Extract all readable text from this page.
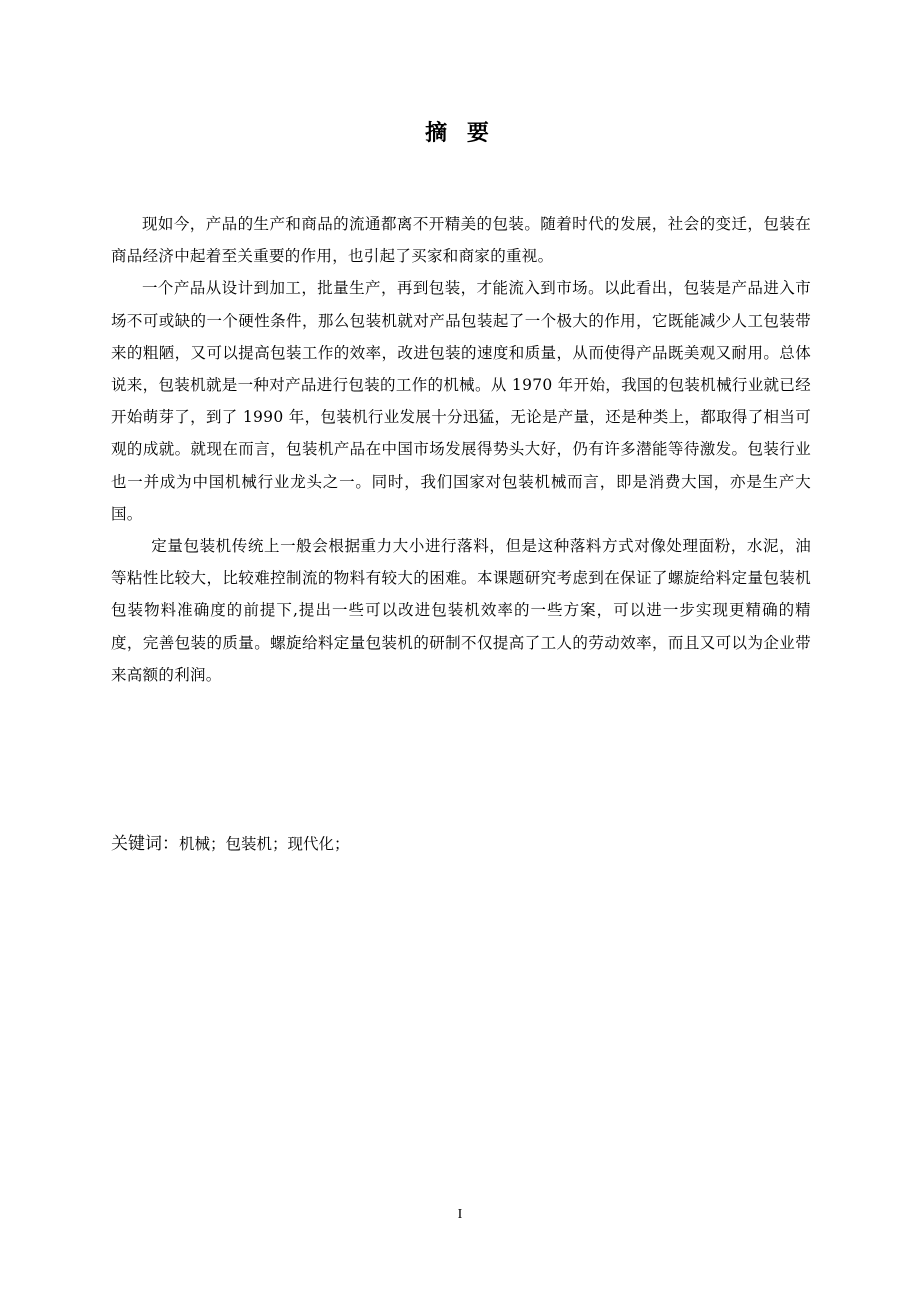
摘 要

现如今，产品的生产和商品的流通都离不开精美的包装。随着时代的发展，社会的变迁，包装在商品经济中起着至关重要的作用，也引起了买家和商家的重视。

一个产品从设计到加工，批量生产，再到包装，才能流入到市场。以此看出，包装是产品进入市场不可或缺的一个硬性条件，那么包装机就对产品包装起了一个极大的作用，它既能减少人工包装带来的粗陋，又可以提高包装工作的效率，改进包装的速度和质量，从而使得产品既美观又耐用。总体说来，包装机就是一种对产品进行包装的工作的机械。从 1970 年开始，我国的包装机械行业就已经开始萌芽了，到了 1990 年，包装机行业发展十分迅猛，无论是产量，还是种类上，都取得了相当可观的成就。就现在而言，包装机产品在中国市场发展得势头大好，仍有许多潜能等待激发。包装行业也一并成为中国机械行业龙头之一。同时，我们国家对包装机械而言，即是消费大国，亦是生产大国。

定量包装机传统上一般会根据重力大小进行落料，但是这种落料方式对像处理面粉，水泥，油等粘性比较大，比较难控制流的物料有较大的困难。本课题研究考虑到在保证了螺旋给料定量包装机包装物料准确度的前提下,提出一些可以改进包装机效率的一些方案，可以进一步实现更精确的精度，完善包装的质量。螺旋给料定量包装机的研制不仅提高了工人的劳动效率，而且又可以为企业带来高额的利润。

关键词：机械；包装机；现代化；
I
